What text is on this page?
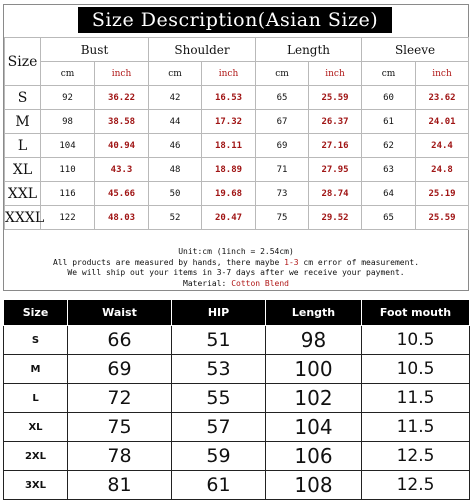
Size Description(Asian Size)
Size	Bust		Shoulder		Length		Sleeve	
	cm	inch	cm	inch	cm	inch	cm	inch
S	92	36.22	42	16.53	65	25.59	60	23.62
M	98	38.58	44	17.32	67	26.37	61	24.01
L	104	40.94	46	18.11	69	27.16	62	24.4
XL	110	43.3	48	18.89	71	27.95	63	24.8
XXL	116	45.66	50	19.68	73	28.74	64	25.19
XXXL	122	48.03	52	20.47	75	29.52	65	25.59
Unit:cm (1inch = 2.54cm)
All products are measured by hands, there maybe 1-3 cm error of measurement.
We will ship out your items in 3-7 days after we receive your payment.
Material: Cotton Blend
Size	Waist	HIP	Length	Foot mouth
S	66	51	98	10.5
M	69	53	100	10.5
L	72	55	102	11.5
XL	75	57	104	11.5
2XL	78	59	106	12.5
3XL	81	61	108	12.5
